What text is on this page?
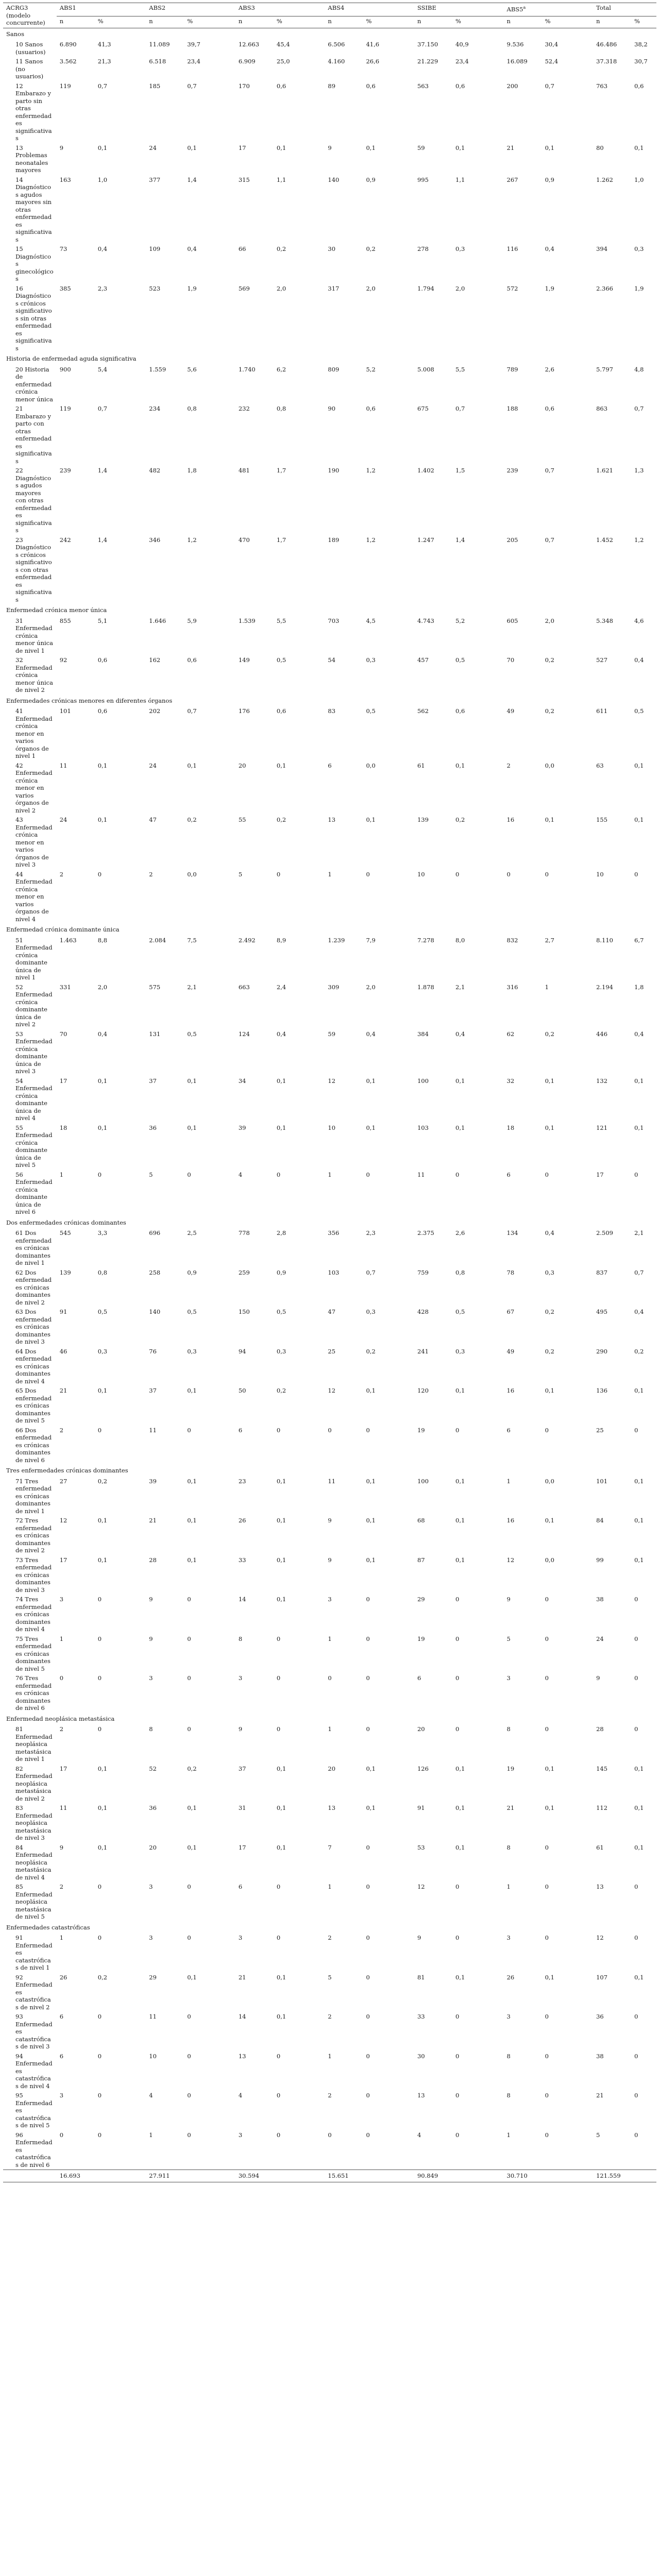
ACRG3 (modelo concurrente)	ABS1		ABS2		ABS3		ABS4		SSIBE		ABS5$^a$		Total	
	n	%	n	%	n	%	n	%	n	%	n	%	n	%
Sanos														
10 Sanos (usuarios)	6.890	41,3	11.089	39,7	12.663	45,4	6.506	41,6	37.150	40,9	9.536	30,4	46.486	38,2
11 Sanos (no usuarios)	3.562	21,3	6.518	23,4	6.909	25,0	4.160	26,6	21.229	23,4	16.089	52,4	37.318	30,7
12 Embarazo y parto sin otras enfermedades significativas	119	0,7	185	0,7	170	0,6	89	0,6	563	0,6	200	0,7	763	0,6
13 Problemas neonatales mayores	9	0,1	24	0,1	17	0,1	9	0,1	59	0,1	21	0,1	80	0,1
14 Diagnósticos agudos mayores sin otras enfermedades significativas	163	1,0	377	1,4	315	1,1	140	0,9	995	1,1	267	0,9	1.262	1,0
15 Diagnósticos ginecológicos	73	0,4	109	0,4	66	0,2	30	0,2	278	0,3	116	0,4	394	0,3
16 Diagnósticos crónicos significativos sin otras enfermedades significativas	385	2,3	523	1,9	569	2,0	317	2,0	1.794	2,0	572	1,9	2.366	1,9
Historia de enfermedad aguda significativa														
20 Historia de enfermedad crónica menor única	900	5,4	1.559	5,6	1.740	6,2	809	5,2	5.008	5,5	789	2,6	5.797	4,8
21 Embarazo y parto con otras enfermedades significativas	119	0,7	234	0,8	232	0,8	90	0,6	675	0,7	188	0,6	863	0,7
22 Diagnósticos agudos mayores con otras enfermedades significativas	239	1,4	482	1,8	481	1,7	190	1,2	1.402	1,5	239	0,7	1.621	1,3
23 Diagnósticos crónicos significativos con otras enfermedades significativas	242	1,4	346	1,2	470	1,7	189	1,2	1.247	1,4	205	0,7	1.452	1,2
Enfermedad crónica menor única														
31 Enfermedad crónica menor única de nivel 1	855	5,1	1.646	5,9	1.539	5,5	703	4,5	4.743	5,2	605	2,0	5.348	4,6
32 Enfermedad crónica menor única de nivel 2	92	0,6	162	0,6	149	0,5	54	0,3	457	0,5	70	0,2	527	0,4
Enfermedades crónicas menores en diferentes órganos														
41 Enfermedad crónica menor en varios órganos de nivel 1	101	0,6	202	0,7	176	0,6	83	0,5	562	0,6	49	0,2	611	0,5
42 Enfermedad crónica menor en varios órganos de nivel 2	11	0,1	24	0,1	20	0,1	6	0,0	61	0,1	2	0,0	63	0,1
43 Enfermedad crónica menor en varios órganos de nivel 3	24	0,1	47	0,2	55	0,2	13	0,1	139	0,2	16	0,1	155	0,1
44 Enfermedad crónica menor en varios órganos de nivel 4	2	0	2	0,0	5	0	1	0	10	0	0	0	10	0
Enfermedad crónica dominante única														
51 Enfermedad crónica dominante única de nivel 1	1.463	8,8	2.084	7,5	2.492	8,9	1.239	7,9	7.278	8,0	832	2,7	8.110	6,7
52 Enfermedad crónica dominante única de nivel 2	331	2,0	575	2,1	663	2,4	309	2,0	1.878	2,1	316	1	2.194	1,8
53 Enfermedad crónica dominante única de nivel 3	70	0,4	131	0,5	124	0,4	59	0,4	384	0,4	62	0,2	446	0,4
54 Enfermedad crónica dominante única de nivel 4	17	0,1	37	0,1	34	0,1	12	0,1	100	0,1	32	0,1	132	0,1
55 Enfermedad crónica dominante única de nivel 5	18	0,1	36	0,1	39	0,1	10	0,1	103	0,1	18	0,1	121	0,1
56 Enfermedad crónica dominante única de nivel 6	1	0	5	0	4	0	1	0	11	0	6	0	17	0
Dos enfermedades crónicas dominantes														
61 Dos enfermedades crónicas dominantes de nivel 1	545	3,3	696	2,5	778	2,8	356	2,3	2.375	2,6	134	0,4	2.509	2,1
62 Dos enfermedades crónicas dominantes de nivel 2	139	0,8	258	0,9	259	0,9	103	0,7	759	0,8	78	0,3	837	0,7
63 Dos enfermedades crónicas dominantes de nivel 3	91	0,5	140	0,5	150	0,5	47	0,3	428	0,5	67	0,2	495	0,4
64 Dos enfermedades crónicas dominantes de nivel 4	46	0,3	76	0,3	94	0,3	25	0,2	241	0,3	49	0,2	290	0,2
65 Dos enfermedades crónicas dominantes de nivel 5	21	0,1	37	0,1	50	0,2	12	0,1	120	0,1	16	0,1	136	0,1
66 Dos enfermedades crónicas dominantes de nivel 6	2	0	11	0	6	0	0	0	19	0	6	0	25	0
Tres enfermedades crónicas dominantes														
71 Tres enfermedades crónicas dominantes de nivel 1	27	0,2	39	0,1	23	0,1	11	0,1	100	0,1	1	0,0	101	0,1
72 Tres enfermedades crónicas dominantes de nivel 2	12	0,1	21	0,1	26	0,1	9	0,1	68	0,1	16	0,1	84	0,1
73 Tres enfermedades crónicas dominantes de nivel 3	17	0,1	28	0,1	33	0,1	9	0,1	87	0,1	12	0,0	99	0,1
74 Tres enfermedades crónicas dominantes de nivel 4	3	0	9	0	14	0,1	3	0	29	0	9	0	38	0
75 Tres enfermedades crónicas dominantes de nivel 5	1	0	9	0	8	0	1	0	19	0	5	0	24	0
76 Tres enfermedades crónicas dominantes de nivel 6	0	0	3	0	3	0	0	0	6	0	3	0	9	0
Enfermedad neoplásica metastásica														
81 Enfermedad neoplásica metastásica de nivel 1	2	0	8	0	9	0	1	0	20	0	8	0	28	0
82 Enfermedad neoplásica metastásica de nivel 2	17	0,1	52	0,2	37	0,1	20	0,1	126	0,1	19	0,1	145	0,1
83 Enfermedad neoplásica metastásica de nivel 3	11	0,1	36	0,1	31	0,1	13	0,1	91	0,1	21	0,1	112	0,1
84 Enfermedad neoplásica metastásica de nivel 4	9	0,1	20	0,1	17	0,1	7	0	53	0,1	8	0	61	0,1
85 Enfermedad neoplásica metastásica de nivel 5	2	0	3	0	6	0	1	0	12	0	1	0	13	0
Enfermedades catastróficas														
91 Enfermedades catastróficas de nivel 1	1	0	3	0	3	0	2	0	9	0	3	0	12	0
92 Enfermedades catastróficas de nivel 2	26	0,2	29	0,1	21	0,1	5	0	81	0,1	26	0,1	107	0,1
93 Enfermedades catastróficas de nivel 3	6	0	11	0	14	0,1	2	0	33	0	3	0	36	0
94 Enfermedades catastróficas de nivel 4	6	0	10	0	13	0	1	0	30	0	8	0	38	0
95 Enfermedades catastróficas de nivel 5	3	0	4	0	4	0	2	0	13	0	8	0	21	0
96 Enfermedades catastróficas de nivel 6	0	0	1	0	3	0	0	0	4	0	1	0	5	0
	16.693		27.911		30.594		15.651		90.849		30.710		121.559	
